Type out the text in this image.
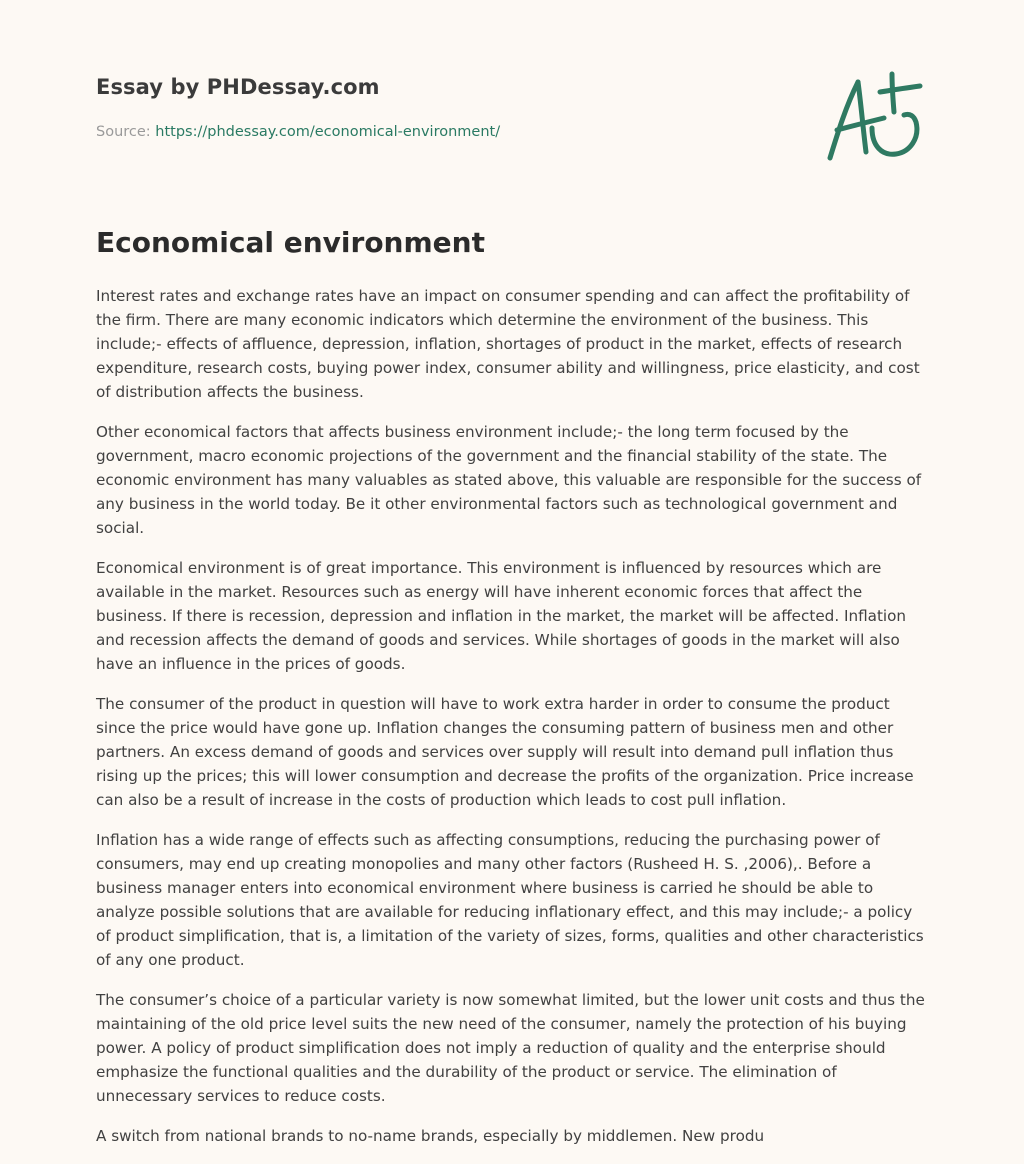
Essay by PHDessay.com
Source: https://phdessay.com/economical-environment/
Economical environment

Interest rates and exchange rates have an impact on consumer spending and can affect the profitability of the firm. There are many economic indicators which determine the environment of the business. This include;- effects of affluence, depression, inflation, shortages of product in the market, effects of research expenditure, research costs, buying power index, consumer ability and willingness, price elasticity, and cost of distribution affects the business.

Other economical factors that affects business environment include;- the long term focused by the government, macro economic projections of the government and the financial stability of the state. The economic environment has many valuables as stated above, this valuable are responsible for the success of any business in the world today. Be it other environmental factors such as technological government and social.

Economical environment is of great importance. This environment is influenced by resources which are available in the market. Resources such as energy will have inherent economic forces that affect the business. If there is recession, depression and inflation in the market, the market will be affected. Inflation and recession affects the demand of goods and services. While shortages of goods in the market will also have an influence in the prices of goods.

The consumer of the product in question will have to work extra harder in order to consume the product since the price would have gone up. Inflation changes the consuming pattern of business men and other partners. An excess demand of goods and services over supply will result into demand pull inflation thus rising up the prices; this will lower consumption and decrease the profits of the organization. Price increase can also be a result of increase in the costs of production which leads to cost pull inflation.

Inflation has a wide range of effects such as affecting consumptions, reducing the purchasing power of consumers, may end up creating monopolies and many other factors (Rusheed H. S. ,2006),. Before a business manager enters into economical environment where business is carried he should be able to analyze possible solutions that are available for reducing inflationary effect, and this may include;- a policy of product simplification, that is, a limitation of the variety of sizes, forms, qualities and other characteristics of any one product.

The consumer’s choice of a particular variety is now somewhat limited, but the lower unit costs and thus the maintaining of the old price level suits the new need of the consumer, namely the protection of his buying power. A policy of product simplification does not imply a reduction of quality and the enterprise should emphasize the functional qualities and the durability of the product or service. The elimination of unnecessary services to reduce costs.

A switch from national brands to no-name brands, especially by middlemen. New produ
